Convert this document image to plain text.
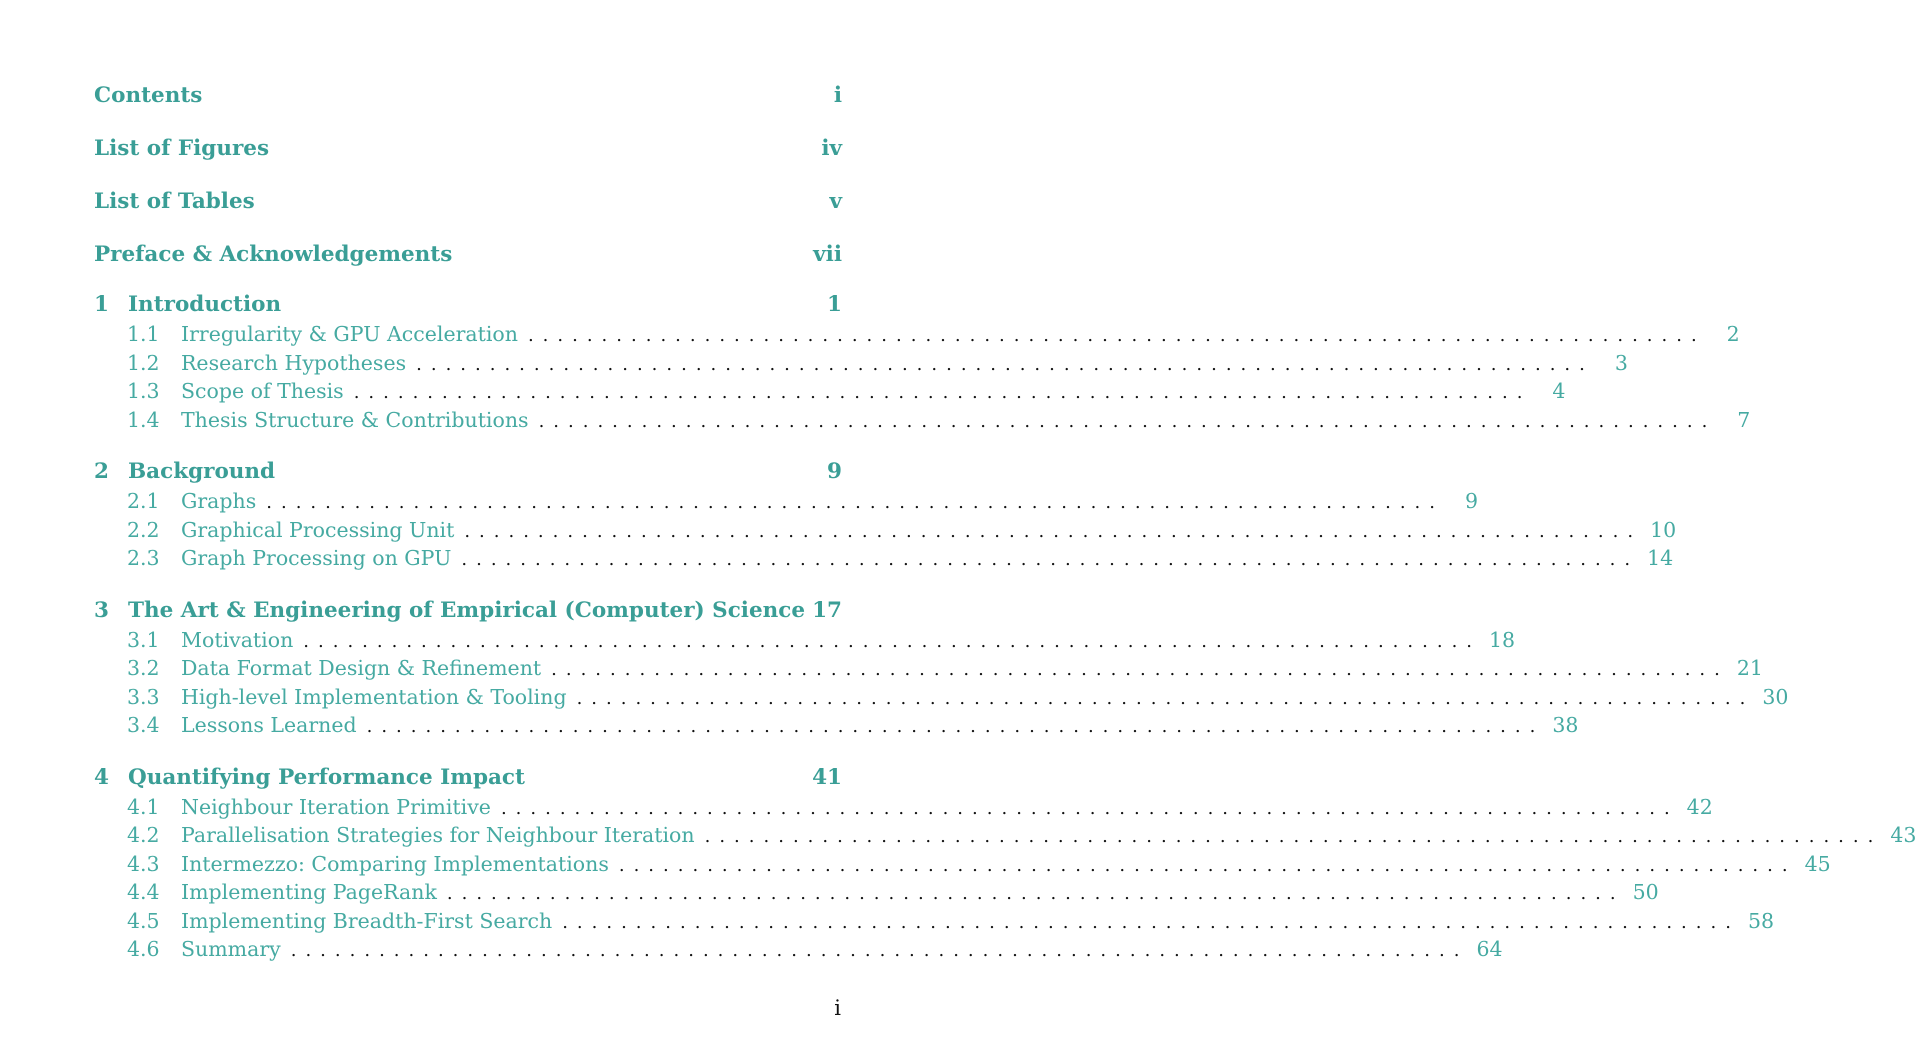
Contents	i
List of Figures	iv
List of Tables	v
Preface & Acknowledgements	vii
1 Introduction	1
1.1	Irregularity & GPU Acceleration ................................................................................	2
1.2	Research Hypotheses ................................................................................	3
1.3	Scope of Thesis ................................................................................	4
1.4	Thesis Structure & Contributions ................................................................................	7
2 Background	9
2.1	Graphs ................................................................................	9
2.2	Graphical Processing Unit ................................................................................ 10
2.3	Graph Processing on GPU ................................................................................ 14
3 The Art & Engineering of Empirical (Computer) Science 17
3.1	Motivation ................................................................................ 18
3.2	Data Format Design & Refinement ................................................................................ 21
3.3	High-level Implementation & Tooling ................................................................................ 30
3.4	Lessons Learned ................................................................................ 38
4 Quantifying Performance Impact	41
4.1	Neighbour Iteration Primitive ................................................................................ 42
4.2	Parallelisation Strategies for Neighbour Iteration ................................................................................ 43
4.3	Intermezzo: Comparing Implementations ................................................................................ 45
4.4	Implementing PageRank ................................................................................ 50
4.5	Implementing Breadth-First Search ................................................................................ 58
4.6	Summary ................................................................................ 64
i
